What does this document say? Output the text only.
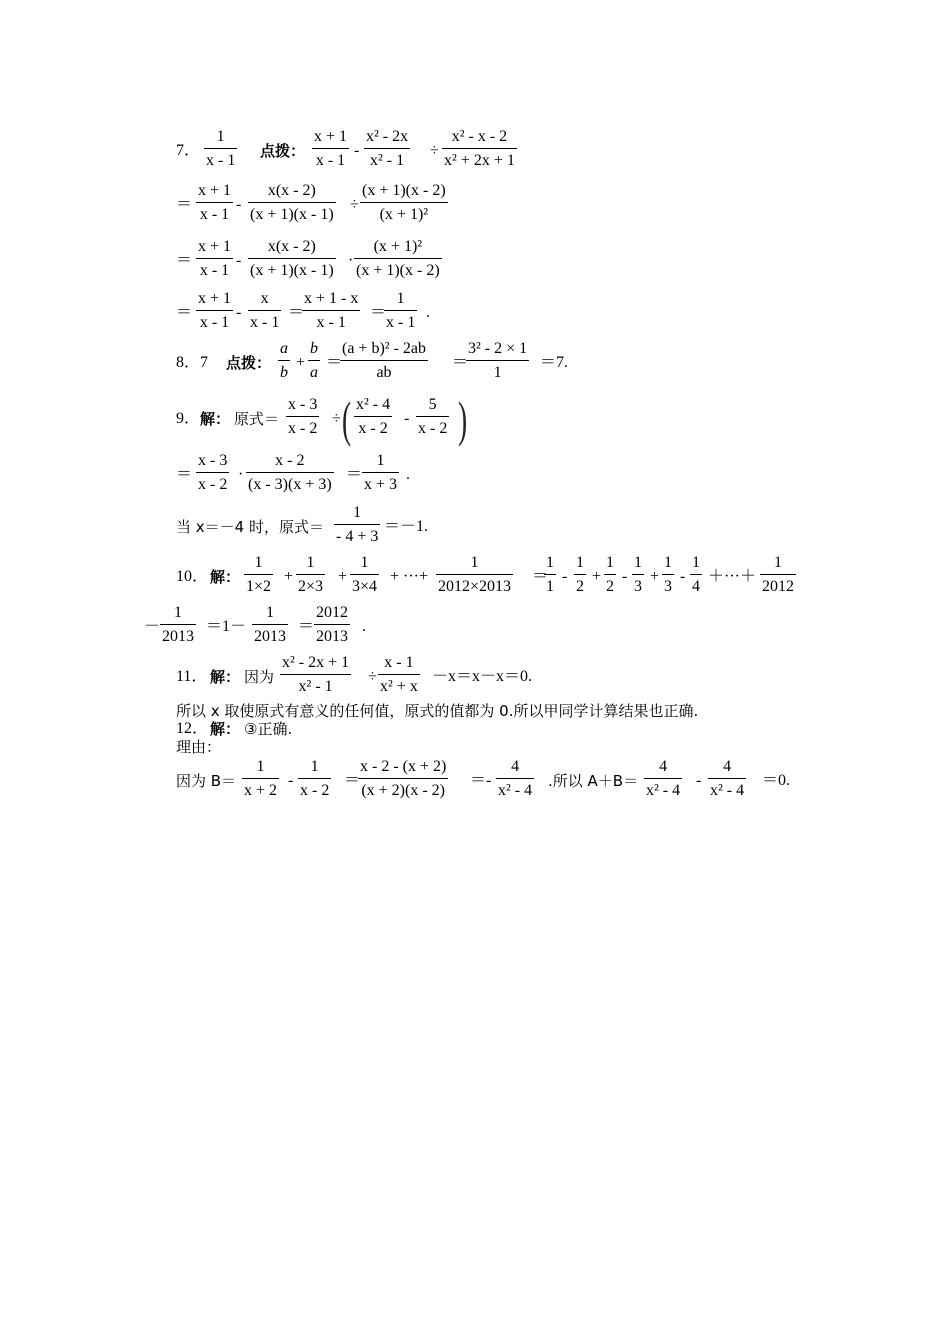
7． $\frac{1}{x - 1}$ 点拨： $\frac{x + 1}{x - 1} - \frac{\text{x² - 2x}}{\text{x² - 1}} \div \frac{\text{x² - x - 2}}{\text{x² + 2x + 1}}$
＝ $\frac{x + 1}{x - 1} - \frac{x(x - 2)}{(x + 1)(x - 1)} \div \frac{(x + 1)(x - 2)}{\text{(x + 1)²}}$
＝ $\frac{x + 1}{x - 1} - \frac{x(x - 2)}{(x + 1)(x - 1)} \cdot \frac{\text{(x + 1)²}}{(x + 1)(x - 2)}$
＝ $\frac{x + 1}{x - 1} - \frac{x}{x - 1}$ ＝
$\frac{x + 1 - x}{x - 1}$ ＝
$\frac{1}{x - 1}$ .
8．7 点拨： $\frac{a}{b} + \frac{b}{a}$ ＝
$\frac{\text{(a + b)² - 2ab}}{ab}$ ＝
$\frac{\text{3² - 2 × 1}}{1} =7$.
9． 解： 原式＝ $\frac{x - 3}{x - 2}$ ÷ ( $\frac{\text{x² - 4}}{x - 2} - \frac{5}{x - 2}$ )
＝ $\frac{x - 3}{x - 2} \cdot \frac{x - 2}{(x - 3)(x + 3)} = \frac{1}{x + 3}$ .
当 x＝－4 时，原式＝ $\frac{1}{- 4 + 3} =-1$.
10． 解： $\frac{1}{1\times 2} + \frac{1}{2\times 3} + \frac{1}{3\times 4}$ + ···+ $\frac{1}{2012\times 2013}$ ＝
$\frac{1}{1} - \frac{1}{2} + \frac{1}{2} - \frac{1}{3} + \frac{1}{3} - \frac{1}{4}$ ＋···＋ $\frac{1}{2012}$
－ $\frac{1}{2013} =1- \frac{1}{2013} = \frac{2012}{2013}$ .
11． 解： 因为 $\frac{\text{x² - 2x + 1}}{\text{x² - 1}} \div \frac{x - 1}{\text{x² + x}} -x=x-x=0$.
所以 x 取使原式有意义的任何值，原式的值都为 0.所以甲同学计算结果也正确.
12． 解： ③正确.
理由：
因为 $B= \frac{1}{x + 2} - \frac{1}{x - 2}$ ＝
$\frac{x - 2 - (x + 2)}{(x + 2)(x - 2)} =- \frac{4}{\text{x² - 4}}$ .所以 $A+B= \frac{4}{\text{x² - 4}} - \frac{4}{\text{x² - 4}} =0$.
